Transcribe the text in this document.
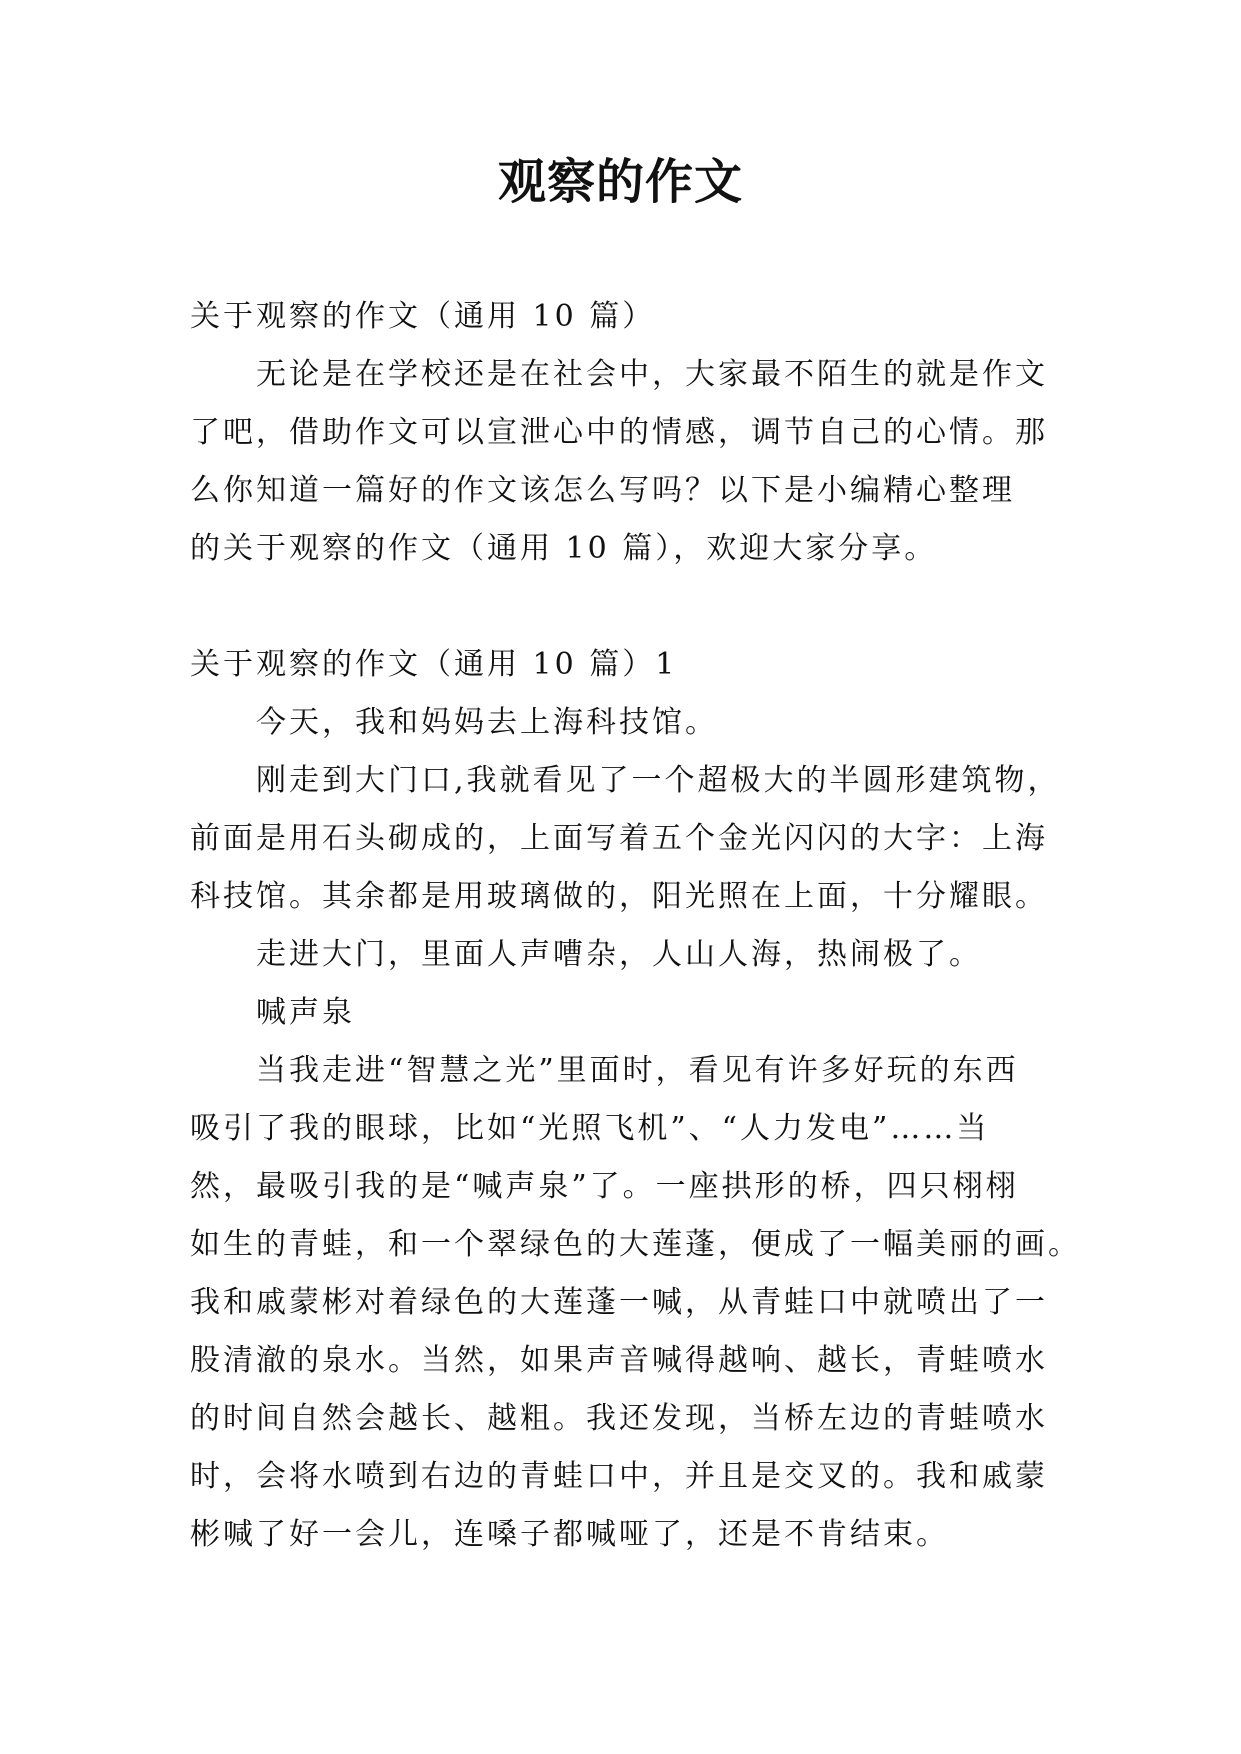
观察的作文
关于观察的作文（通用 10 篇）
无论是在学校还是在社会中，大家最不陌生的就是作文
了吧，借助作文可以宣泄心中的情感，调节自己的心情。那
么你知道一篇好的作文该怎么写吗？以下是小编精心整理
的关于观察的作文（通用 10 篇），欢迎大家分享。
关于观察的作文（通用 10 篇）1
今天，我和妈妈去上海科技馆。
刚走到大门口,我就看见了一个超极大的半圆形建筑物，
前面是用石头砌成的，上面写着五个金光闪闪的大字：上海
科技馆。其余都是用玻璃做的，阳光照在上面，十分耀眼。
走进大门，里面人声嘈杂，人山人海，热闹极了。
喊声泉
当我走进“智慧之光”里面时，看见有许多好玩的东西
吸引了我的眼球，比如“光照飞机”、“人力发电”……当
然，最吸引我的是“喊声泉”了。一座拱形的桥，四只栩栩
如生的青蛙，和一个翠绿色的大莲蓬，便成了一幅美丽的画。
我和戚蒙彬对着绿色的大莲蓬一喊，从青蛙口中就喷出了一
股清澈的泉水。当然，如果声音喊得越响、越长，青蛙喷水
的时间自然会越长、越粗。我还发现，当桥左边的青蛙喷水
时，会将水喷到右边的青蛙口中，并且是交叉的。我和戚蒙
彬喊了好一会儿，连嗓子都喊哑了，还是不肯结束。
